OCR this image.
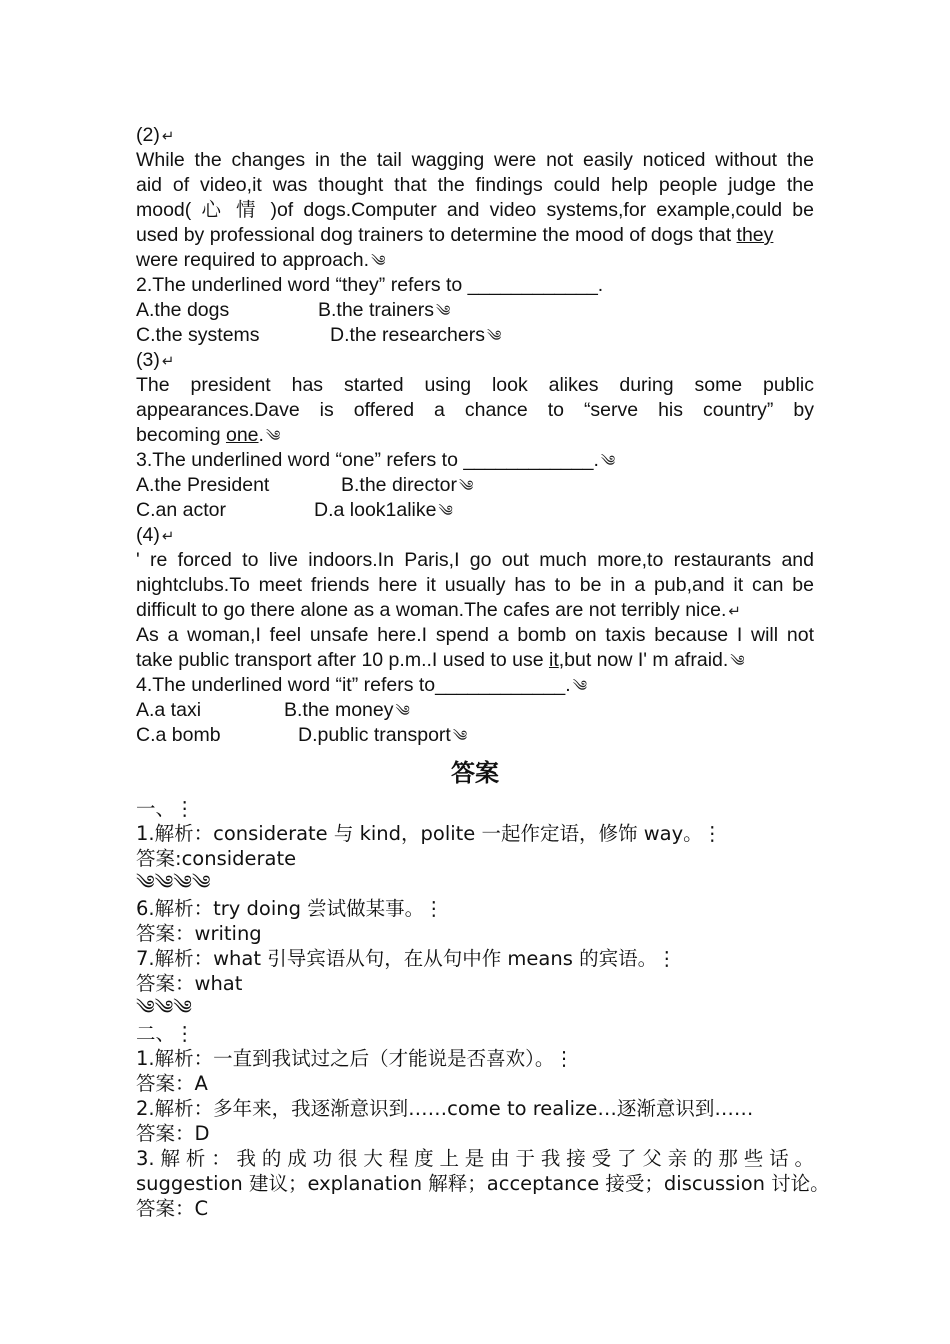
(2) ↵
While the changes in the tail wagging were not easily noticed without the
aid of video,it was thought that the findings could help people judge the
mood( 心 情 )of dogs.Computer and video systems,for example,could be
used by professional dog trainers to determine the mood of dogs that they
were required to approach. ༄
2.The underlined word “they” refers to ____________.
A.the dogs	B.the trainers ༄
C.the systems	D.the researchers ༄
(3) ↵
The president has started using look alikes during some public
appearances.Dave is offered a chance to “serve his country” by
becoming one. ༄
3.The underlined word “one” refers to ____________. ༄
A.the President	B.the director ༄
C.an actor	D.a look1alike ༄
(4) ↵
' re forced to live indoors.In Paris,I go out much more,to restaurants and
nightclubs.To meet friends here it usually has to be in a pub,and it can be
difficult to go there alone as a woman.The cafes are not terribly nice. ↵
As a woman,I feel unsafe here.I spend a bomb on taxis because I will not
take public transport after 10 p.m..I used to use it,but now I' m afraid. ༄
4.The underlined word “it” refers to____________. ༄
A.a taxi	B.the money ༄
C.a bomb	D.public transport ༄
答案
一、⋮
1.解析：considerate 与 kind，polite 一起作定语，修饰 way。⋮
答案:considerate
༄༄༄༄
6.解析：try doing 尝试做某事。⋮
答案：writing
7.解析：what 引导宾语从句，在从句中作 means 的宾语。⋮
答案：what
༄༄༄
二、⋮
1.解析：一直到我试过之后（才能说是否喜欢）。⋮
答案：A
2.解析：多年来，我逐渐意识到……come to realize…逐渐意识到……
答案：D
3.解析：我的成功很大程度上是由于我接受了父亲的那些话。
suggestion 建议；explanation 解释；acceptance 接受；discussion 讨论。
答案：C
